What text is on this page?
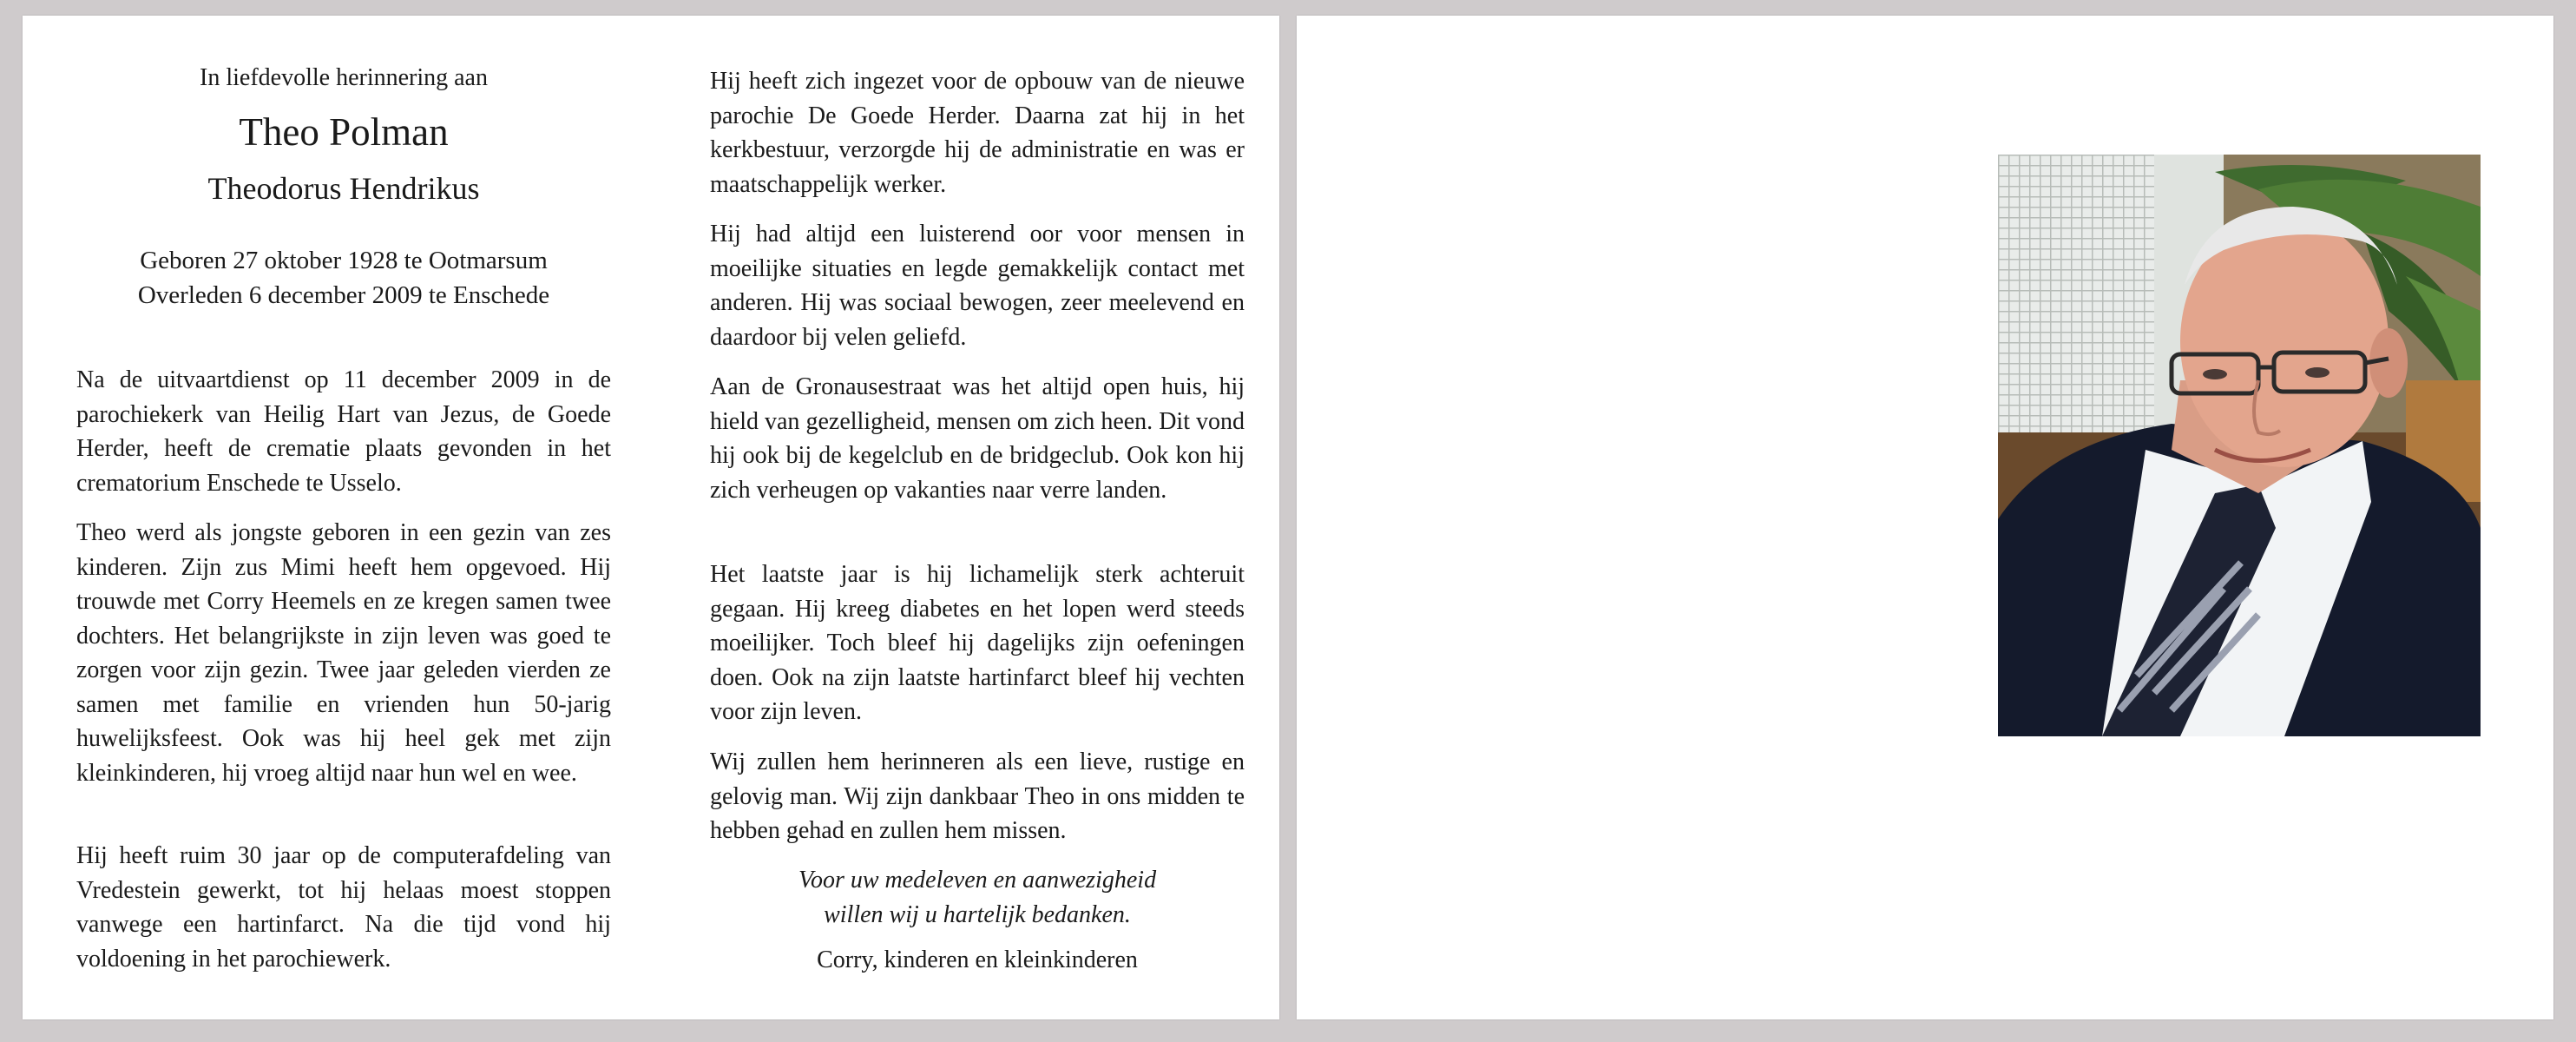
In liefdevolle herinnering aan
Theo Polman
Theodorus Hendrikus
Geboren 27 oktober 1928 te Ootmarsum
Overleden 6 december 2009 te Enschede

Na de uitvaartdienst op 11 december 2009 in de parochiekerk van Heilig Hart van Jezus, de Goede Herder, heeft de crematie plaats gevonden in het crematorium Enschede te Usselo.

Theo werd als jongste geboren in een gezin van zes kinderen. Zijn zus Mimi heeft hem opgevoed. Hij trouwde met Corry Heemels en ze kregen samen twee dochters. Het belangrijkste in zijn leven was goed te zorgen voor zijn gezin. Twee jaar geleden vierden ze samen met familie en vrienden hun 50-jarig huwelijksfeest. Ook was hij heel gek met zijn kleinkinderen, hij vroeg altijd naar hun wel en wee.

Hij heeft ruim 30 jaar op de computerafdeling van Vredestein gewerkt, tot hij helaas moest stoppen vanwege een hartinfarct. Na die tijd vond hij voldoening in het parochiewerk.

Hij heeft zich ingezet voor de opbouw van de nieuwe parochie De Goede Herder. Daarna zat hij in het kerkbestuur, verzorgde hij de administratie en was er maatschappelijk werker.

Hij had altijd een luisterend oor voor mensen in moeilijke situaties en legde gemakkelijk contact met anderen. Hij was sociaal bewogen, zeer meelevend en daardoor bij velen geliefd.

Aan de Gronausestraat was het altijd open huis, hij hield van gezelligheid, mensen om zich heen. Dit vond hij ook bij de kegelclub en de bridgeclub. Ook kon hij zich verheugen op vakanties naar verre landen.

Het laatste jaar is hij lichamelijk sterk achteruit gegaan. Hij kreeg diabetes en het lopen werd steeds moeilijker. Toch bleef hij dagelijks zijn oefeningen doen. Ook na zijn laatste hartinfarct bleef hij vechten voor zijn leven.

Wij zullen hem herinneren als een lieve, rustige en gelovig man. Wij zijn dankbaar Theo in ons midden te hebben gehad en zullen hem missen.

Voor uw medeleven en aanwezigheid
willen wij u hartelijk bedanken.
Corry, kinderen en kleinkinderen
